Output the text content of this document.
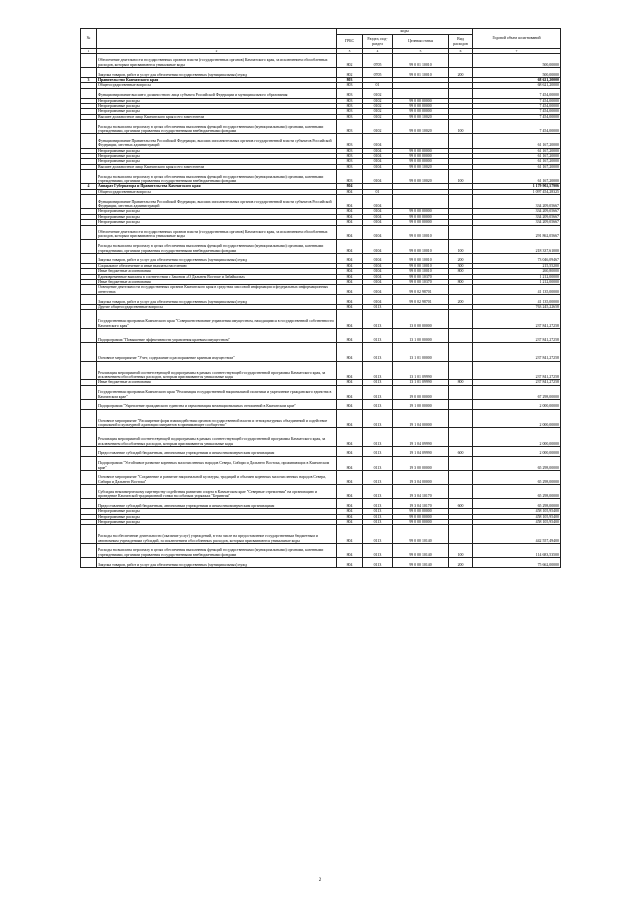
№		коды				Годовой объем ассигнований
		ГРБС	Раздел, под-раздел	Целевая статья	Вид расходов	
1	2	3	4	5	6	7
	Обеспечение деятельности государственных органов власти (государственных органов) Камчатского края, за исключением обособленных расходов, которым присваиваются уникальные коды	802	0705	99 0 01 10010		500,00000
	Закупка товаров, работ и услуг для обеспечения государственных (муниципальных) нужд	802	0705	99 0 01 10010	200	500,00000
3	Правительство Камчатского края	803				68 621,20000
	Общегосударственные вопросы	803	01			68 621,20000
	Функционирование высшего должностного лица субъекта Российской Федерации и муниципального образования	803	0102			7 454,00000
	Непрограммные расходы	803	0102	99 0 00 00000		7 454,00000
	Непрограммные расходы	803	0102	99 0 00 00000		7 454,00000
	Непрограммные расходы	803	0102	99 0 00 00000		7 454,00000
	Высшее должностное лицо Камчатского края и его заместители	803	0102	99 0 00 10020		7 454,00000
	Расходы на выплаты персоналу в целях обеспечения выполнения функций государственными (муниципальными) органами, казенными учреждениями, органами управления государственными внебюджетными фондами	803	0102	99 0 00 10020	100	7 454,00000
	Функционирование Правительства Российской Федерации, высших исполнительных органов государственной власти субъектов Российской Федерации, местных администраций	803	0104			61 167,20000
	Непрограммные расходы	803	0104	99 0 00 00000		61 167,20000
	Непрограммные расходы	803	0104	99 0 00 00000		61 167,20000
	Непрограммные расходы	803	0104	99 0 00 00000		61 167,20000
	Высшее должностное лицо Камчатского края и его заместители	803	0104	99 0 00 10020		61 167,20000
	Расходы на выплаты персоналу в целях обеспечения выполнения функций государственными (муниципальными) органами, казенными учреждениями, органами управления государственными внебюджетными фондами	803	0104	99 0 00 10020	100	61 167,20000
4	Аппарат Губернатора и Правительства Камчатского края	804				1 179 902,57906
	Общегосударственные вопросы	804	01			1 097 454,28325
	Функционирование Правительства Российской Федерации, высших исполнительных органов государственной власти субъектов Российской Федерации, местных администраций	804	0104			334 209,05667
	Непрограммные расходы	804	0104	99 0 00 00000		334 209,05667
	Непрограммные расходы	804	0104	99 0 00 00000		334 209,05667
	Непрограммные расходы	804	0104	99 0 00 00000		334 209,05667
	Обеспечение деятельности государственных органов власти (государственных органов) Камчатского края, за исключением обособленных расходов, которым присваиваются уникальные коды	804	0104	99 0 00 10010		291 862,05667
	Расходы на выплаты персоналу в целях обеспечения выполнения функций государственными (муниципальными) органами, казенными учреждениями, органами управления государственными внебюджетными фондами	804	0104	99 0 00 10010	100	218 337,61000
	Закупка товаров, работ и услуг для обеспечения государственных (муниципальных) нужд	804	0104	99 0 00 10010	200	73 046,09467
	Социальное обеспечение и иные выплаты населению	804	0104	99 0 00 10010	300	215,55200
	Иные бюджетные ассигнования	804	0104	99 0 00 10010	800	260,80000
	Единовременные выплаты в соответствии с Законом «О Дальнем Востоке и Забайкалье»	804	0104	99 0 00 10370		1 212,00000
	Иные бюджетные ассигнования	804	0104	99 0 00 10370	800	1 212,00000
	Освещение деятельности государственных органов Камчатского края в средствах массовой информации и федеральных информационных агентствах	804	0104	99 0 02 98701		41 135,00000
	Закупка товаров, работ и услуг для обеспечения государственных (муниципальных) нужд	804	0104	99 0 02 98701	200	41 135,00000
	Другие общегосударственные вопросы	804	0113			763 245,22658
	Государственная программа Камчатского края "Совершенствование управления имуществом, находящимся в государственной собственности Камчатского края"	804	0113	13 0 00 00000		237 841,27258
	Подпрограмма "Повышение эффективности управления краевым имуществом"	804	0113	13 1 00 00000		237 841,27258
	Основное мероприятие "Учет, содержание и распоряжение краевым имуществом"	804	0113	13 1 01 00000		237 841,27258
	Реализация мероприятий соответствующей подпрограммы в рамках соответствующей государственной программы Камчатского края, за исключением обособленных расходов, которым присваиваются уникальные коды	804	0113	13 1 01 09990		237 841,27258
	Иные бюджетные ассигнования	804	0113	13 1 01 09990	800	237 841,27258
	Государственная программа Камчатского края "Реализация государственной национальной политики и укрепление гражданского единства в Камчатском крае"	804	0113	19 0 00 00000		67 298,00000
	Подпрограмма "Укрепление гражданского единства и гармонизация межнациональных отношений в Камчатском крае"	804	0113	19 1 00 00000		2 000,00000
	Основное мероприятие "Расширение форм взаимодействия органов государственной власти и этнокультурных объединений и содействие социальной и культурной адаптации мигрантов в принимающее сообщество"	804	0113	19 1 04 00000		2 000,00000
	Реализация мероприятий соответствующей подпрограммы в рамках соответствующей государственной программы Камчатского края, за исключением обособленных расходов, которым присваиваются уникальные коды	804	0113	19 1 04 09990		2 000,00000
	Предоставление субсидий бюджетным, автономным учреждениям и иным некоммерческим организациям	804	0113	19 1 04 09990	600	2 000,00000
	Подпрограмма "Устойчивое развитие коренных малочисленных народов Севера, Сибири и Дальнего Востока, проживающих в Камчатском крае"	804	0113	19 3 00 00000		65 298,00000
	Основное мероприятие "Сохранение и развитие национальной культуры, традиций и обычаев коренных малочисленных народов Севера, Сибири и Дальнего Востока"	804	0113	19 3 04 00000		65 298,00000
	Субсидия некоммерческому партнерству содействия развитию спорта в Камчатском крае "Северные стремления" на организацию и проведение Камчатской традиционной гонки на собачьих упряжках "Берингия"	804	0113	19 3 04 10170		65 298,00000
	Предоставление субсидий бюджетным, автономным учреждениям и иным некоммерческим организациям	804	0113	19 3 04 10170	600	65 298,00000
	Непрограммные расходы	804	0113	99 0 00 00000		458 105,95400
	Непрограммные расходы	804	0113	99 0 00 00000		458 105,95400
	Непрограммные расходы	804	0113	99 0 00 00000		458 105,95400
	Расходы на обеспечение деятельности (оказание услуг) учреждений, в том числе на предоставление государственным бюджетным и автономным учреждениям субсидий, за исключением обособленных расходов, которым присваиваются уникальные коды	804	0113	99 0 00 10140		442 557,49400
	Расходы на выплаты персоналу в целях обеспечения выполнения функций государственными (муниципальными) органами, казенными учреждениями, органами управления государственными внебюджетными фондами	804	0113	99 0 00 10140	100	114 683,53500
	Закупка товаров, работ и услуг для обеспечения государственных (муниципальных) нужд	804	0113	99 0 00 10140	200	75 662,00000
2
